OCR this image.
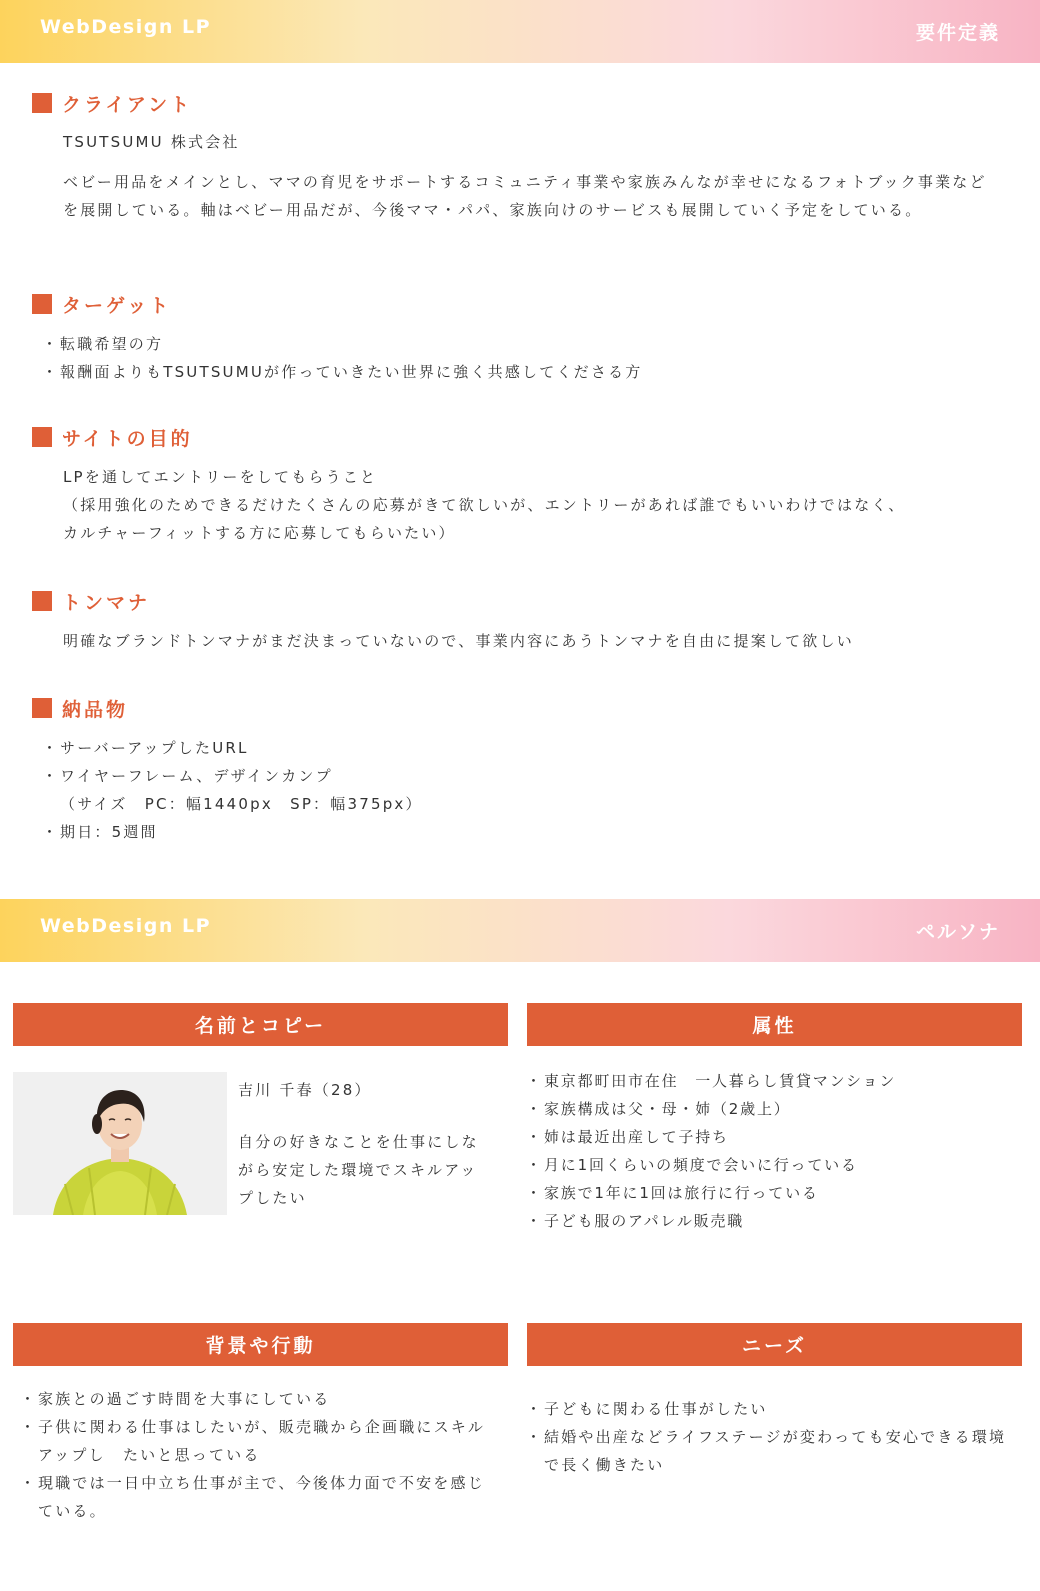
WebDesign LP	要件定義
クライアント
TSUTSUMU 株式会社
ベビー用品をメインとし、ママの育児をサポートするコミュニティ事業や家族みんなが幸せになるフォトブック事業などを展開している。軸はベビー用品だが、今後ママ・パパ、家族向けのサービスも展開していく予定をしている。
ターゲット
・ 転職希望の方
・ 報酬面よりもTSUTSUMUが作っていきたい世界に強く共感してくださる方
サイトの目的
LPを通してエントリーをしてもらうこと
（採用強化のためできるだけたくさんの応募がきて欲しいが、エントリーがあれば誰でもいいわけではなく、
カルチャーフィットする方に応募してもらいたい）
トンマナ
明確なブランドトンマナがまだ決まっていないので、事業内容にあうトンマナを自由に提案して欲しい
納品物
・ サーバーアップしたURL
・ ワイヤーフレーム、デザインカンプ
（サイズ　PC：幅1440px　SP：幅375px）
・ 期日：5週間
WebDesign LP	ペルソナ
名前とコピー	属性
吉川 千春（28）
自分の好きなことを仕事にしながら安定した環境でスキルアップしたい
・ 東京都町田市在住　一人暮らし賃貸マンション
・ 家族構成は父・母・姉（2歳上）
・ 姉は最近出産して子持ち
・ 月に1回くらいの頻度で会いに行っている
・ 家族で1年に1回は旅行に行っている
・ 子ども服のアパレル販売職
背景や行動	ニーズ
・ 家族との過ごす時間を大事にしている
・ 子供に関わる仕事はしたいが、販売職から企画職にスキルアップし　たいと思っている
・ 現職では一日中立ち仕事が主で、今後体力面で不安を感じている。
・ 子どもに関わる仕事がしたい
・ 結婚や出産などライフステージが変わっても安心できる環境で長く働きたい
